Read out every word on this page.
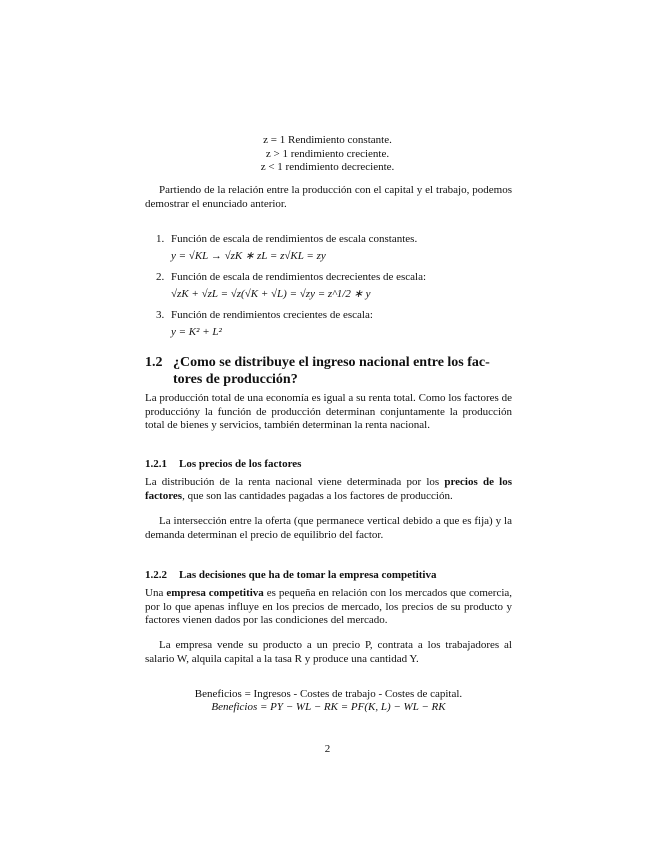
z = 1 Rendimiento constante.
z > 1 rendimiento creciente.
z < 1 rendimiento decreciente.
Partiendo de la relación entre la producción con el capital y el trabajo, podemos demostrar el enunciado anterior.
1. Función de escala de rendimientos de escala constantes.
y = √KL → √zK ∗ zL = z√KL = zy
2. Función de escala de rendimientos decrecientes de escala:
√zK + √zL = √z(√K + √L) = √zy = z^1/2 ∗ y
3. Función de rendimientos crecientes de escala:
y = K² + L²
1.2 ¿Como se distribuye el ingreso nacional entre los fac-
tores de producción?
La producción total de una economía es igual a su renta total. Como los factores de produccióny la función de producción determinan conjuntamente la producción total de bienes y servicios, también determinan la renta nacional.
1.2.1 Los precios de los factores
La distribución de la renta nacional viene determinada por los precios de los factores, que son las cantidades pagadas a los factores de producción.
La intersección entre la oferta (que permanece vertical debido a que es fija) y la demanda determinan el precio de equilibrio del factor.
1.2.2 Las decisiones que ha de tomar la empresa competitiva
Una empresa competitiva es pequeña en relación con los mercados que comercia, por lo que apenas influye en los precios de mercado, los precios de su producto y factores vienen dados por las condiciones del mercado.
La empresa vende su producto a un precio P, contrata a los trabajadores al salario W, alquila capital a la tasa R y produce una cantidad Y.
Beneficios = Ingresos - Costes de trabajo - Costes de capital.
Beneficios = PY − WL − RK = PF(K, L) − WL − RK
2
